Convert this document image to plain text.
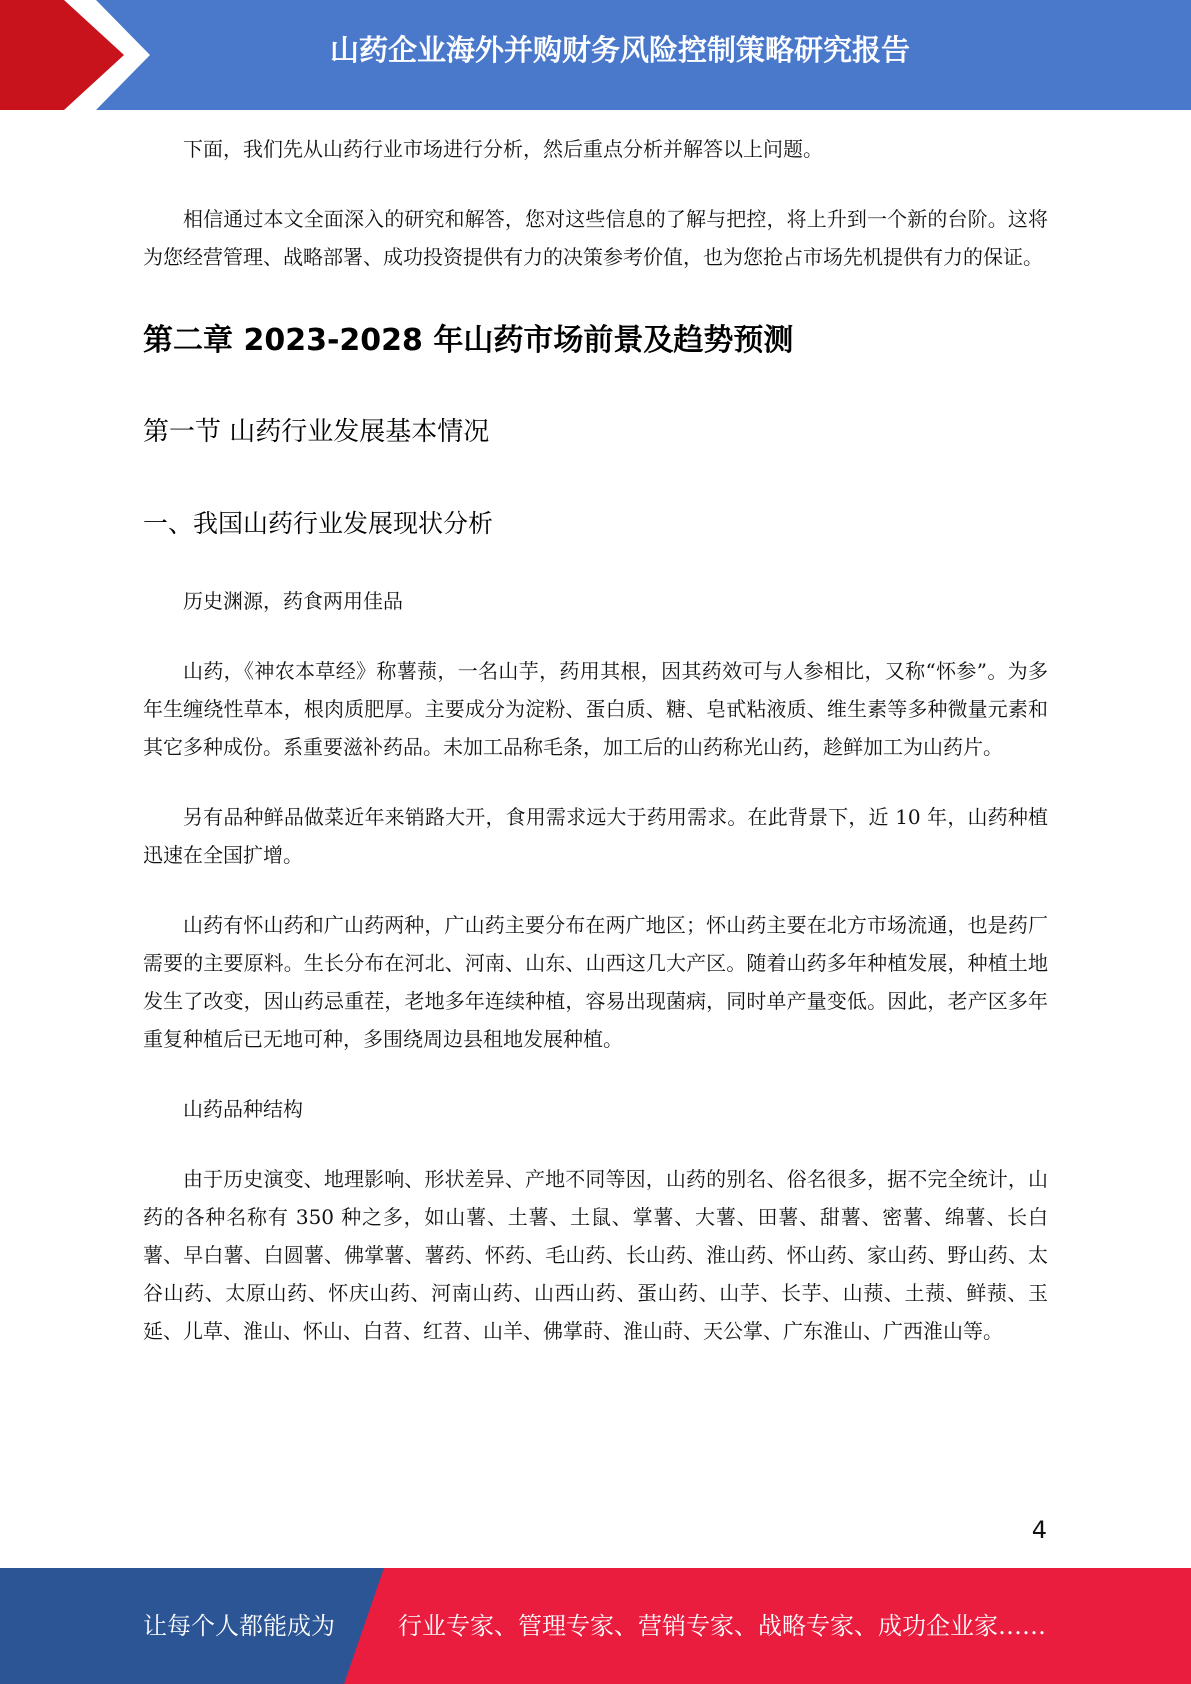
山药企业海外并购财务风险控制策略研究报告

下面，我们先从山药行业市场进行分析，然后重点分析并解答以上问题。

相信通过本文全面深入的研究和解答，您对这些信息的了解与把控，将上升到一个新的台阶。这将为您经营管理、战略部署、成功投资提供有力的决策参考价值，也为您抢占市场先机提供有力的保证。

第二章 2023-2028 年山药市场前景及趋势预测
第一节 山药行业发展基本情况
一、我国山药行业发展现状分析

历史渊源，药食两用佳品

山药，《神农本草经》称薯蓣，一名山芋，药用其根，因其药效可与人参相比，又称“怀参”。为多年生缠绕性草本，根肉质肥厚。主要成分为淀粉、蛋白质、糖、皂甙粘液质、维生素等多种微量元素和其它多种成份。系重要滋补药品。未加工品称毛条，加工后的山药称光山药，趁鲜加工为山药片。

另有品种鲜品做菜近年来销路大开，食用需求远大于药用需求。在此背景下，近 10 年，山药种植迅速在全国扩增。

山药有怀山药和广山药两种，广山药主要分布在两广地区；怀山药主要在北方市场流通，也是药厂需要的主要原料。生长分布在河北、河南、山东、山西这几大产区。随着山药多年种植发展，种植土地发生了改变，因山药忌重茬，老地多年连续种植，容易出现菌病，同时单产量变低。因此，老产区多年重复种植后已无地可种，多围绕周边县租地发展种植。

山药品种结构

由于历史演变、地理影响、形状差异、产地不同等因，山药的别名、俗名很多，据不完全统计，山药的各种名称有 350 种之多，如山薯、土薯、土鼠、掌薯、大薯、田薯、甜薯、密薯、绵薯、长白薯、早白薯、白圆薯、佛掌薯、薯药、怀药、毛山药、长山药、淮山药、怀山药、家山药、野山药、太谷山药、太原山药、怀庆山药、河南山药、山西山药、蛋山药、山芋、长芋、山蓣、土蓣、鲜蓣、玉延、儿草、淮山、怀山、白苕、红苕、山羊、佛掌莳、淮山莳、天公掌、广东淮山、广西淮山等。

4
让每个人都能成为	行业专家、管理专家、营销专家、战略专家、成功企业家……
